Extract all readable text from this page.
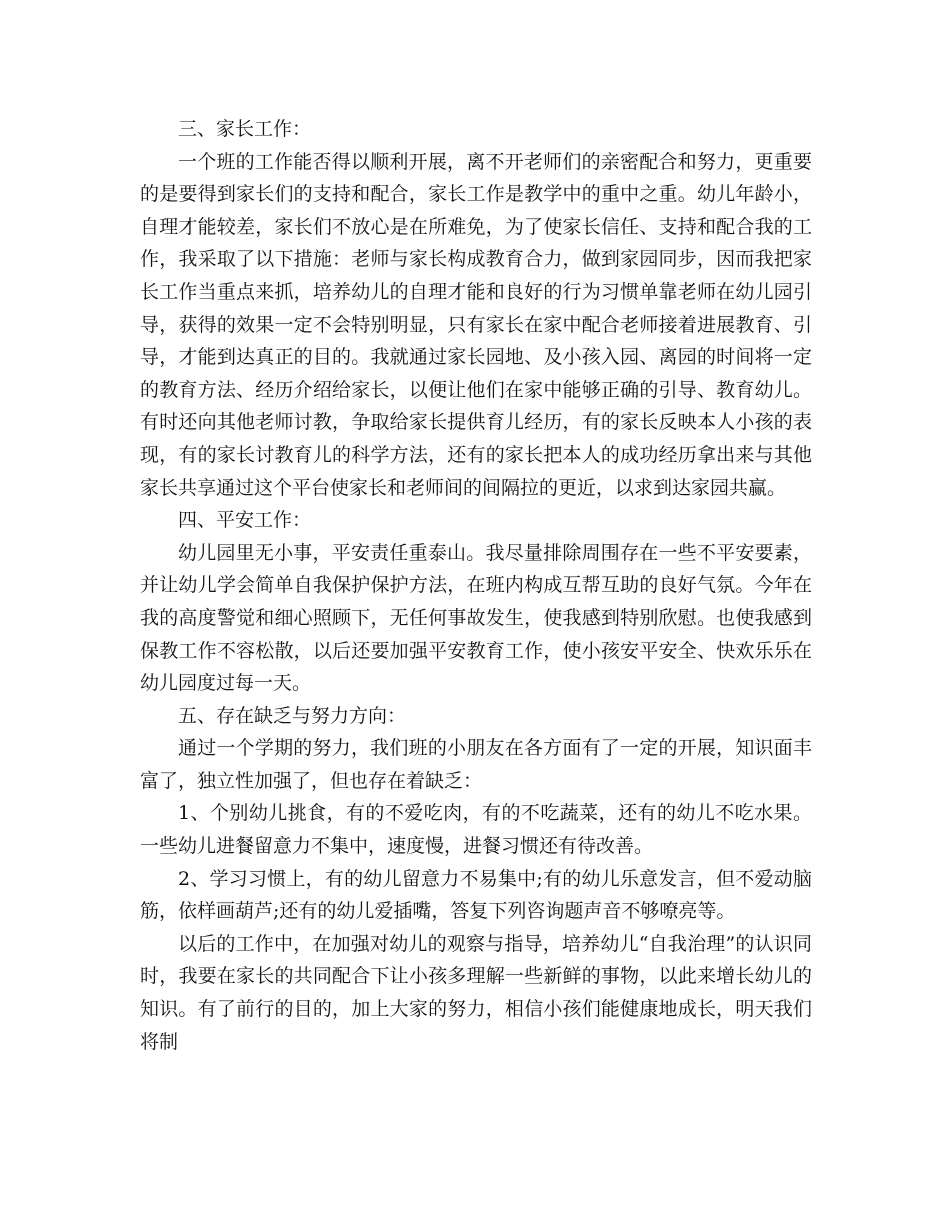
三、家长工作：

一个班的工作能否得以顺利开展，离不开老师们的亲密配合和努力，更重要的是要得到家长们的支持和配合，家长工作是教学中的重中之重。幼儿年龄小，自理才能较差，家长们不放心是在所难免，为了使家长信任、支持和配合我的工作，我采取了以下措施：老师与家长构成教育合力，做到家园同步，因而我把家长工作当重点来抓，培养幼儿的自理才能和良好的行为习惯单靠老师在幼儿园引导，获得的效果一定不会特别明显，只有家长在家中配合老师接着进展教育、引导，才能到达真正的目的。我就通过家长园地、及小孩入园、离园的时间将一定的教育方法、经历介绍给家长，以便让他们在家中能够正确的引导、教育幼儿。有时还向其他老师讨教，争取给家长提供育儿经历，有的家长反映本人小孩的表现，有的家长讨教育儿的科学方法，还有的家长把本人的成功经历拿出来与其他家长共享通过这个平台使家长和老师间的间隔拉的更近，以求到达家园共赢。

四、平安工作：

幼儿园里无小事，平安责任重泰山。我尽量排除周围存在一些不平安要素，并让幼儿学会简单自我保护保护方法，在班内构成互帮互助的良好气氛。今年在我的高度警觉和细心照顾下，无任何事故发生，使我感到特别欣慰。也使我感到保教工作不容松散，以后还要加强平安教育工作，使小孩安平安全、快欢乐乐在幼儿园度过每一天。

五、存在缺乏与努力方向：

通过一个学期的努力，我们班的小朋友在各方面有了一定的开展，知识面丰富了，独立性加强了，但也存在着缺乏：

1、个别幼儿挑食，有的不爱吃肉，有的不吃蔬菜，还有的幼儿不吃水果。一些幼儿进餐留意力不集中，速度慢，进餐习惯还有待改善。

2、学习习惯上，有的幼儿留意力不易集中;有的幼儿乐意发言，但不爱动脑筋，依样画葫芦;还有的幼儿爱插嘴，答复下列咨询题声音不够嘹亮等。

以后的工作中，在加强对幼儿的观察与指导，培养幼儿“自我治理”的认识同时，我要在家长的共同配合下让小孩多理解一些新鲜的事物，以此来增长幼儿的知识。有了前行的目的，加上大家的努力，相信小孩们能健康地成长，明天我们将制
